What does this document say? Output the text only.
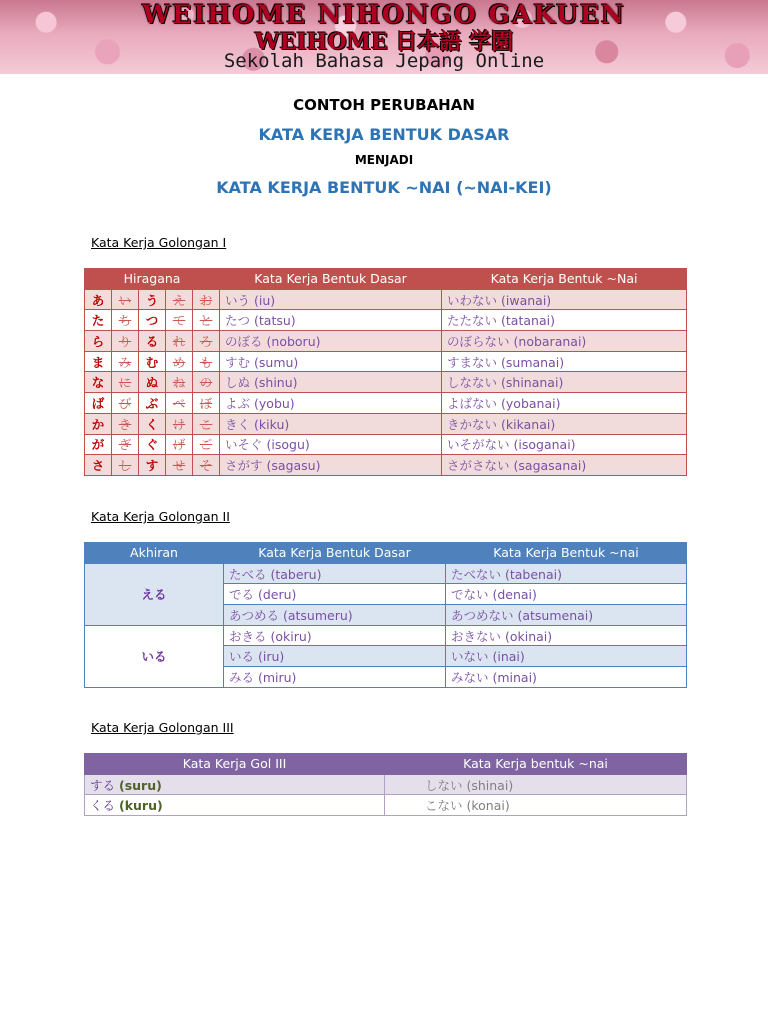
WEIHOME NIHONGO GAKUEN
WEIHOME 日本語 学園
Sekolah Bahasa Jepang Online
CONTOH PERUBAHAN
KATA KERJA BENTUK DASAR
MENJADI
KATA KERJA BENTUK ~NAI (~NAI-KEI)
Kata Kerja Golongan I
Hiragana					Kata Kerja Bentuk Dasar	Kata Kerja Bentuk ~Nai
あ	い	う	え	お	いう (iu)	いわない (iwanai)
た	ち	つ	て	と	たつ (tatsu)	たたない (tatanai)
ら	り	る	れ	ろ	のぼる (noboru)	のぼらない (nobaranai)
ま	み	む	め	も	すむ (sumu)	すまない (sumanai)
な	に	ぬ	ね	の	しぬ (shinu)	しなない (shinanai)
ば	び	ぶ	べ	ぼ	よぶ (yobu)	よばない (yobanai)
か	き	く	け	こ	きく (kiku)	きかない (kikanai)
が	ぎ	ぐ	げ	ご	いそぐ (isogu)	いそがない (isoganai)
さ	し	す	せ	そ	さがす (sagasu)	さがさない (sagasanai)
Kata Kerja Golongan II
Akhiran	Kata Kerja Bentuk Dasar	Kata Kerja Bentuk ~nai
える	たべる (taberu)	たべない (tabenai)
	でる (deru)	でない (denai)
	あつめる (atsumeru)	あつめない (atsumenai)
いる	おきる (okiru)	おきない (okinai)
	いる (iru)	いない (inai)
	みる (miru)	みない (minai)
Kata Kerja Golongan III
Kata Kerja Gol III	Kata Kerja bentuk ~nai
する (suru)	しない (shinai)
くる (kuru)	こない (konai)
